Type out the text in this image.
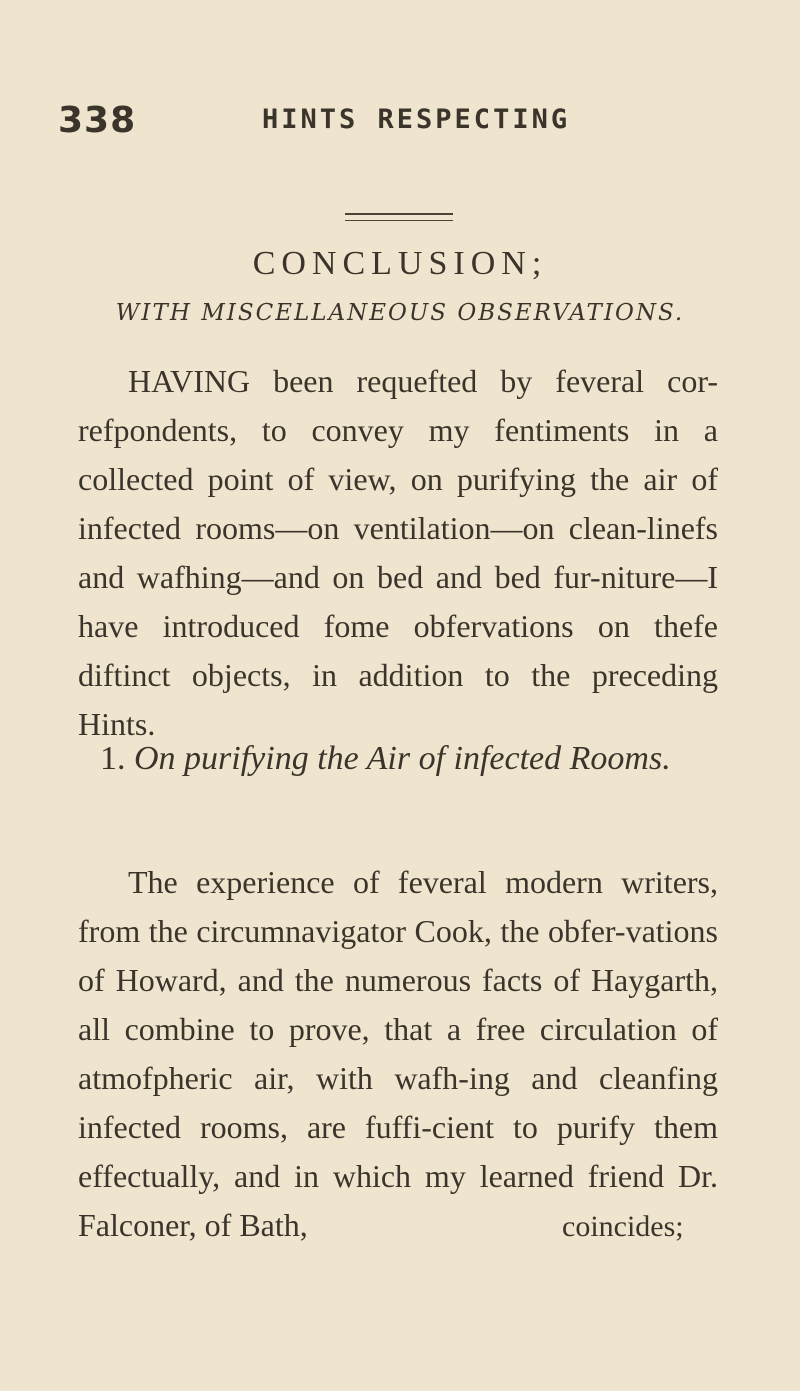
338	HINTS RESPECTING
CONCLUSION;
WITH MISCELLANEOUS OBSERVATIONS.
HAVING been requefted by feveral cor-refpondents, to convey my fentiments in a collected point of view, on purifying the air of infected rooms—on ventilation—on clean-linefs and wafhing—and on bed and bed fur-niture—I have introduced fome obfervations on thefe diftinct objects, in addition to the preceding Hints.
1. On purifying the Air of infected Rooms.
The experience of feveral modern writers, from the circumnavigator Cook, the obfer-vations of Howard, and the numerous facts of Haygarth, all combine to prove, that a free circulation of atmofpheric air, with wafh-ing and cleanfing infected rooms, are fuffi-cient to purify them effectually, and in which my learned friend Dr. Falconer, of Bath,	coincides;
